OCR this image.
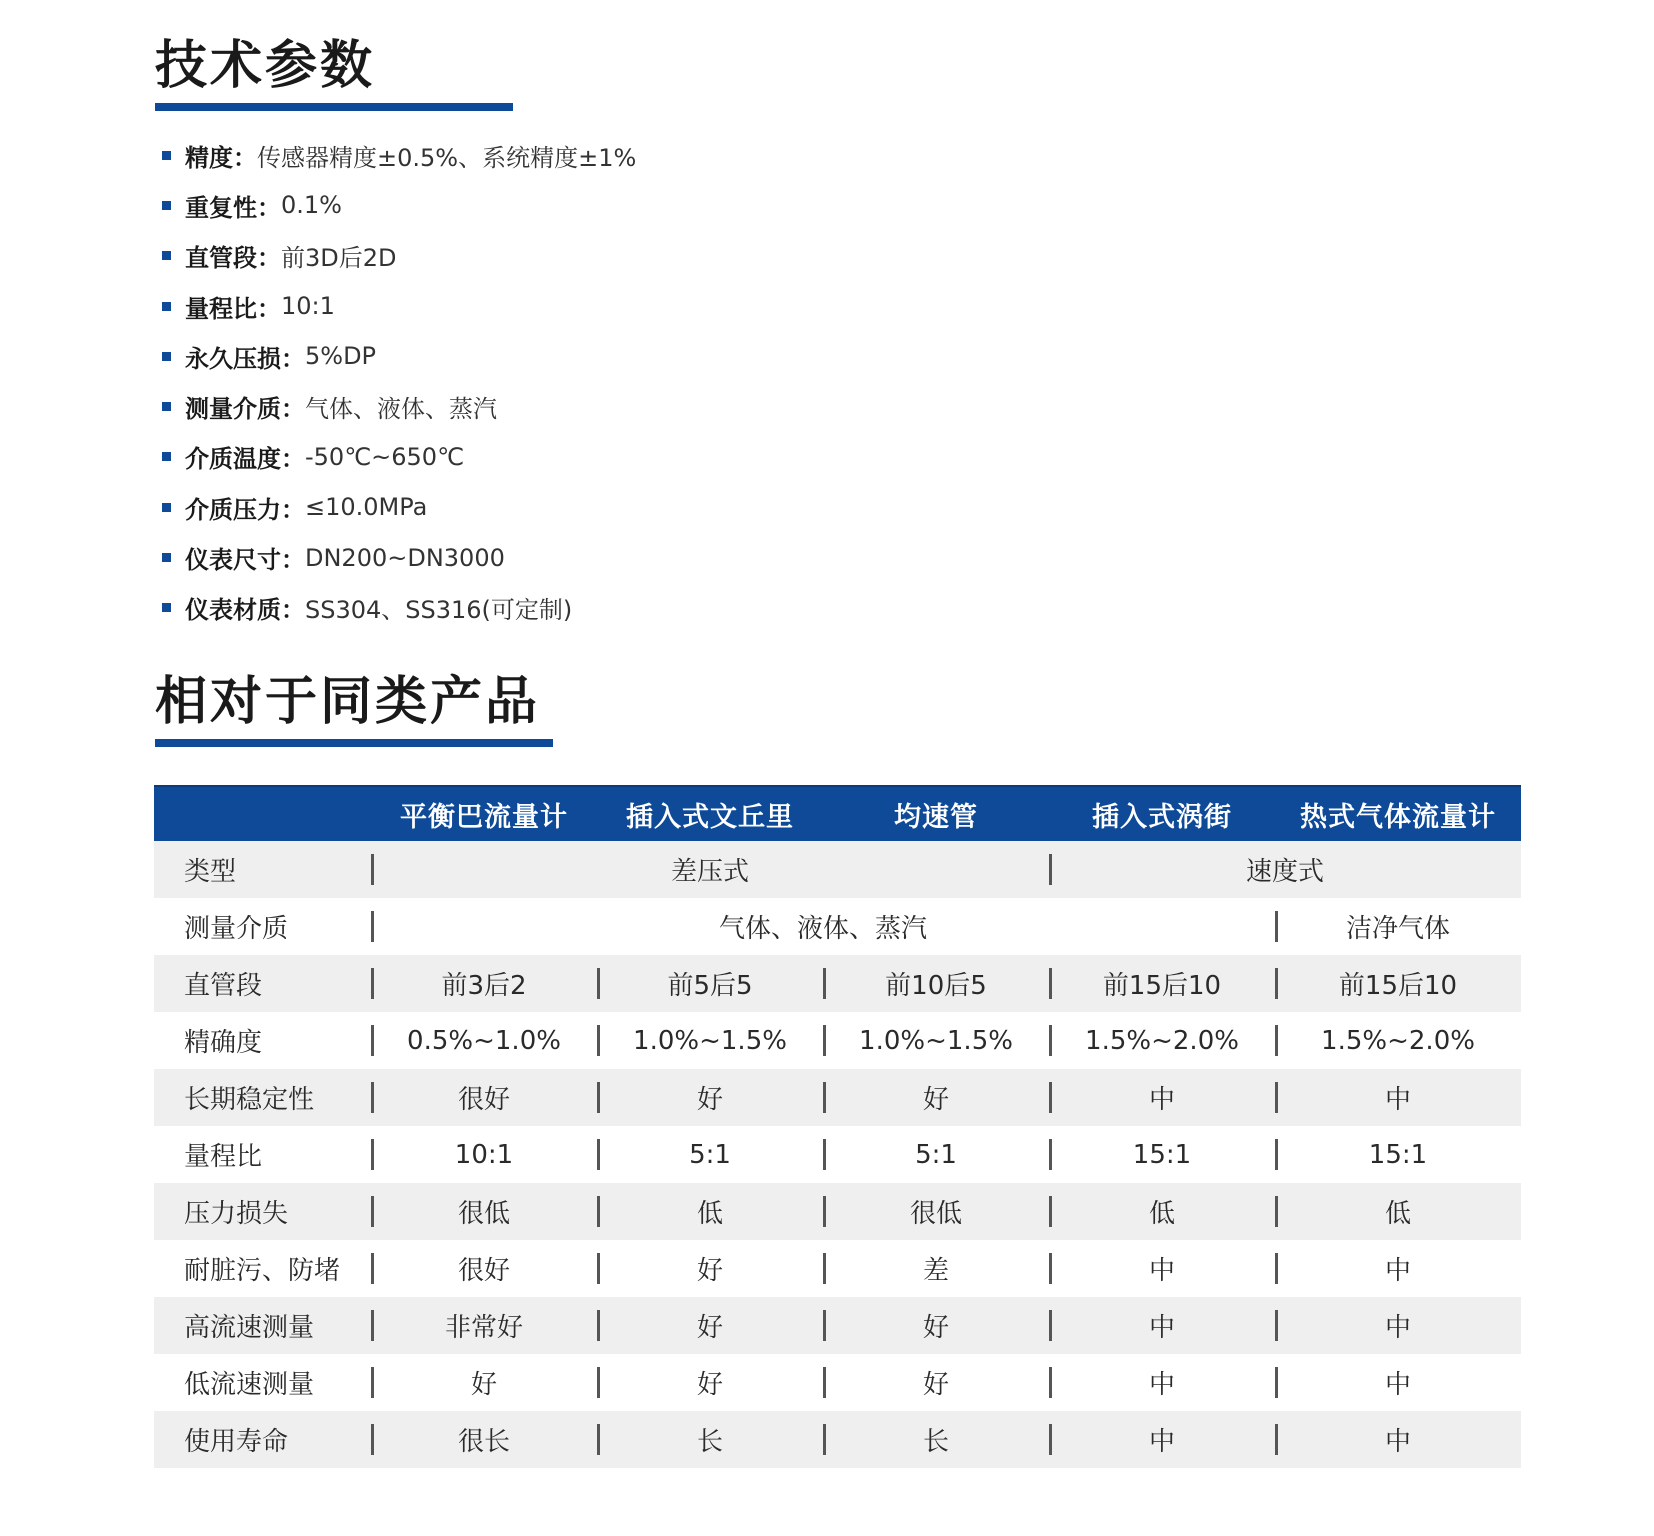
技术参数
精度： 传感器精度±0.5%、系统精度±1%
重复性： 0.1%
直管段： 前3D后2D
量程比： 10:1
永久压损： 5%DP
测量介质： 气体、液体、蒸汽
介质温度： -50℃~650℃
介质压力： ≤10.0MPa
仪表尺寸： DN200~DN3000
仪表材质： SS304、SS316(可定制)
相对于同类产品
	平衡巴流量计	插入式文丘里	均速管	插入式涡街	热式气体流量计
类型	差压式			速度式	
测量介质	气体、液体、蒸汽				洁净气体
直管段	前3后2	前5后5	前10后5	前15后10	前15后10
精确度	0.5%~1.0%	1.0%~1.5%	1.0%~1.5%	1.5%~2.0%	1.5%~2.0%
长期稳定性	很好	好	好	中	中
量程比	10:1	5:1	5:1	15:1	15:1
压力损失	很低	低	很低	低	低
耐脏污、防堵	很好	好	差	中	中
高流速测量	非常好	好	好	中	中
低流速测量	好	好	好	中	中
使用寿命	很长	长	长	中	中
